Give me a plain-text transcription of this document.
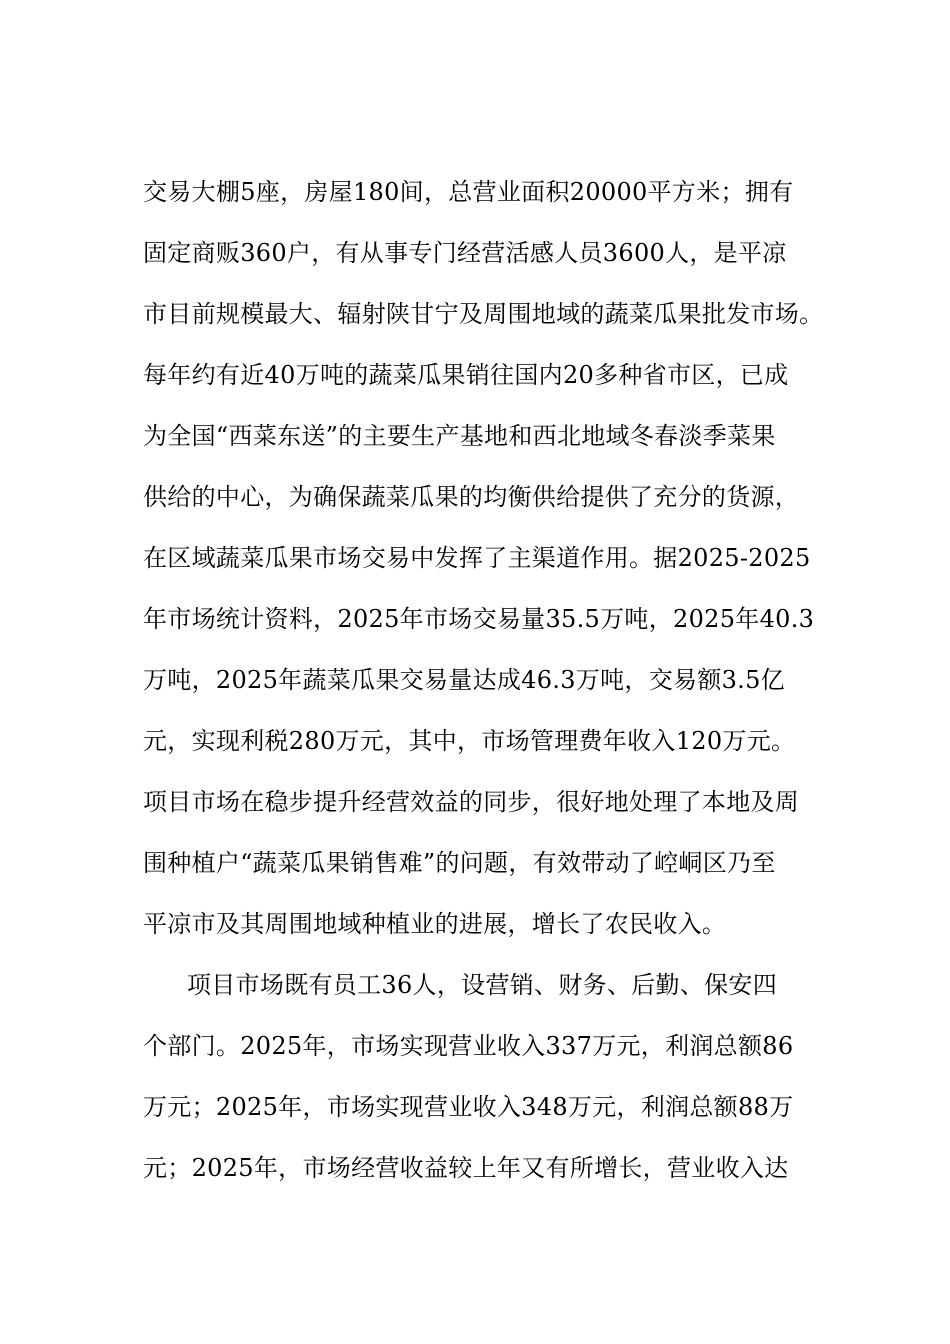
交易大棚5座，房屋180间，总营业面积20000平方米；拥有
固定商贩360户，有从事专门经营活感人员3600人，是平凉
市目前规模最大、辐射陕甘宁及周围地域的蔬菜瓜果批发市场。
每年约有近40万吨的蔬菜瓜果销往国内20多种省市区，已成
为全国“西菜东送”的主要生产基地和西北地域冬春淡季菜果
供给的中心，为确保蔬菜瓜果的均衡供给提供了充分的货源，
在区域蔬菜瓜果市场交易中发挥了主渠道作用。据2025-2025
年市场统计资料，2025年市场交易量35.5万吨，2025年40.3
万吨，2025年蔬菜瓜果交易量达成46.3万吨，交易额3.5亿
元，实现利税280万元，其中，市场管理费年收入120万元。
项目市场在稳步提升经营效益的同步，很好地处理了本地及周
围种植户“蔬菜瓜果销售难”的问题，有效带动了崆峒区乃至
平凉市及其周围地域种植业的进展，增长了农民收入。
项目市场既有员工36人，设营销、财务、后勤、保安四
个部门。2025年，市场实现营业收入337万元，利润总额86
万元；2025年，市场实现营业收入348万元，利润总额88万
元；2025年，市场经营收益较上年又有所增长，营业收入达
